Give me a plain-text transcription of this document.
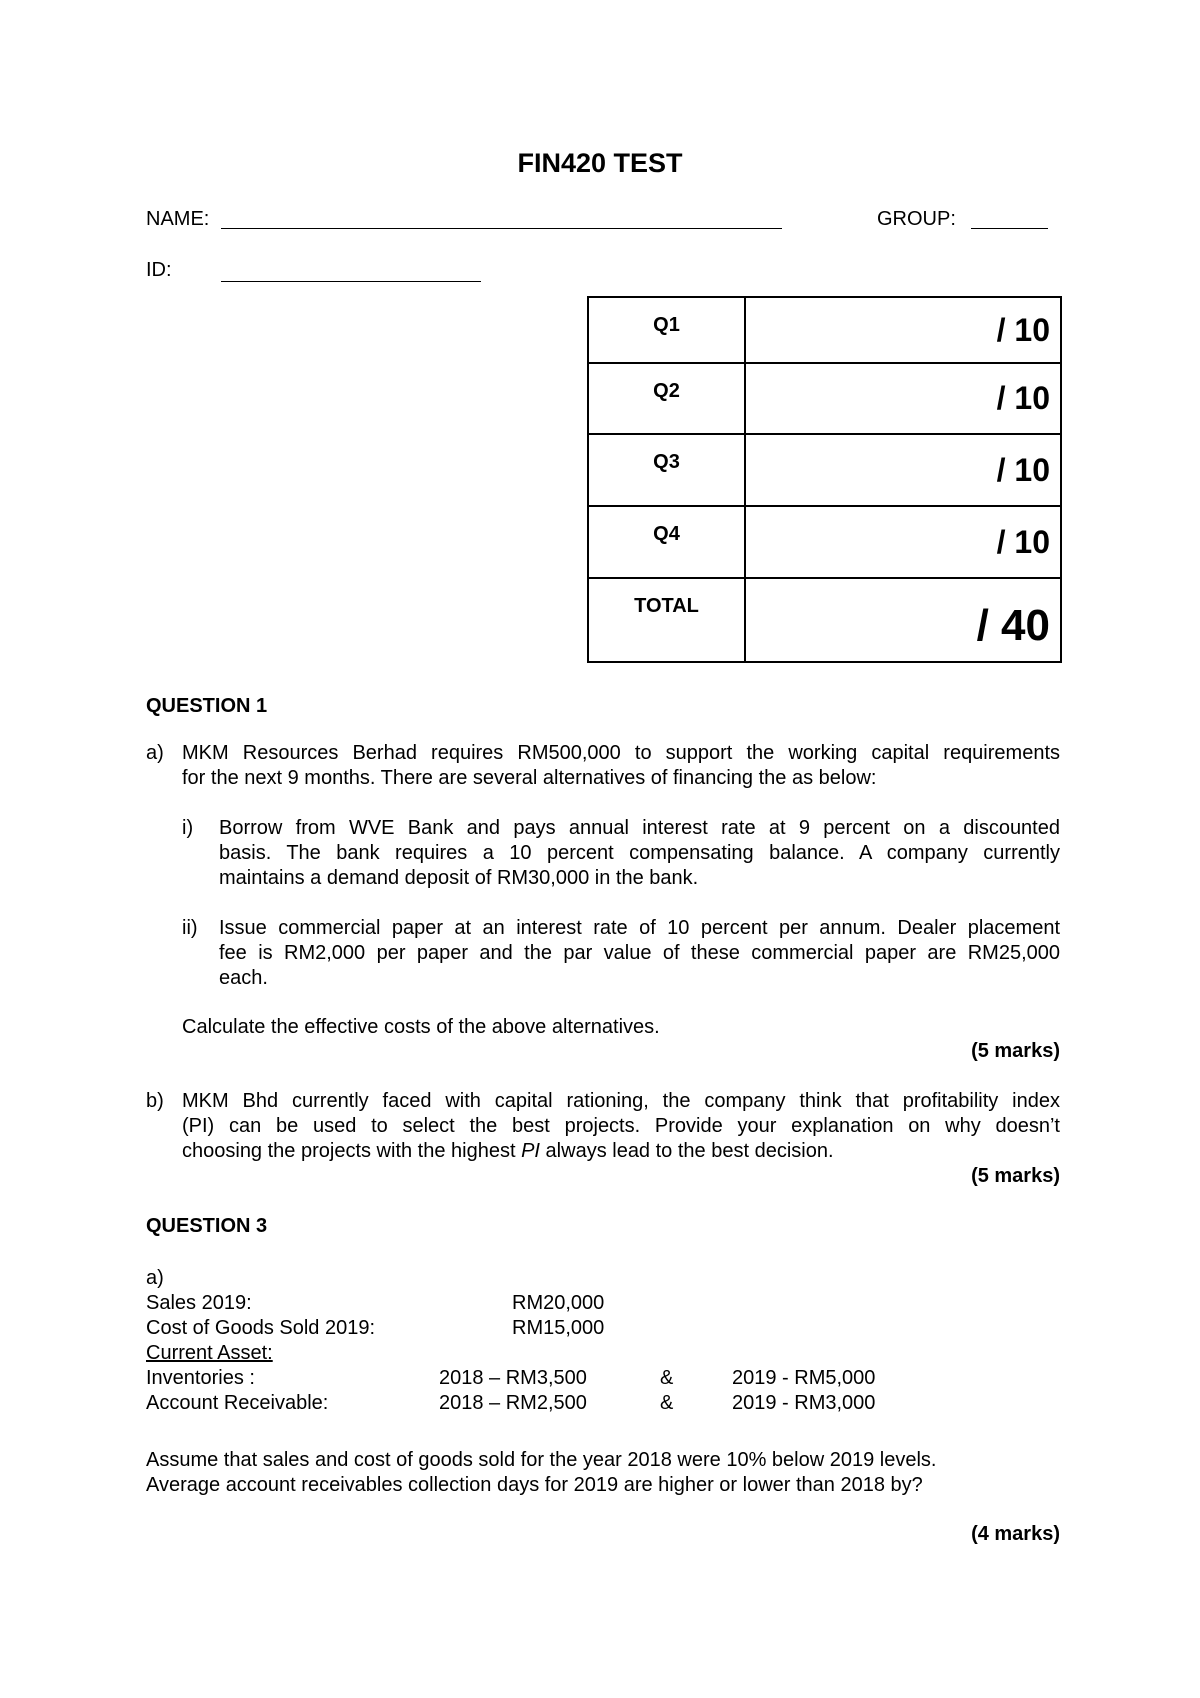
FIN420 TEST
NAME:	GROUP:
ID:
Q1	/ 10

Q2	/ 10

Q3	/ 10

Q4	/ 10

TOTAL	/ 40
QUESTION 1
a) MKM Resources Berhad requires RM500,000 to support the working capital requirements
for the next 9 months. There are several alternatives of financing the as below:
i) Borrow from WVE Bank and pays annual interest rate at 9 percent on a discounted
basis. The bank requires a 10 percent compensating balance. A company currently
maintains a demand deposit of RM30,000 in the bank.
ii) Issue commercial paper at an interest rate of 10 percent per annum. Dealer placement
fee is RM2,000 per paper and the par value of these commercial paper are RM25,000
each.
Calculate the effective costs of the above alternatives.
(5 marks)
b) MKM Bhd currently faced with capital rationing, the company think that profitability index
(PI) can be used to select the best projects. Provide your explanation on why doesn’t
choosing the projects with the highest PI always lead to the best decision.
(5 marks)
QUESTION 3
a)
Sales 2019:	RM20,000
Cost of Goods Sold 2019:	RM15,000
Current Asset:
Inventories :	2018 – RM3,500	&	2019 - RM5,000
Account Receivable:	2018 – RM2,500	&	2019 - RM3,000
Assume that sales and cost of goods sold for the year 2018 were 10% below 2019 levels.
Average account receivables collection days for 2019 are higher or lower than 2018 by?
(4 marks)
